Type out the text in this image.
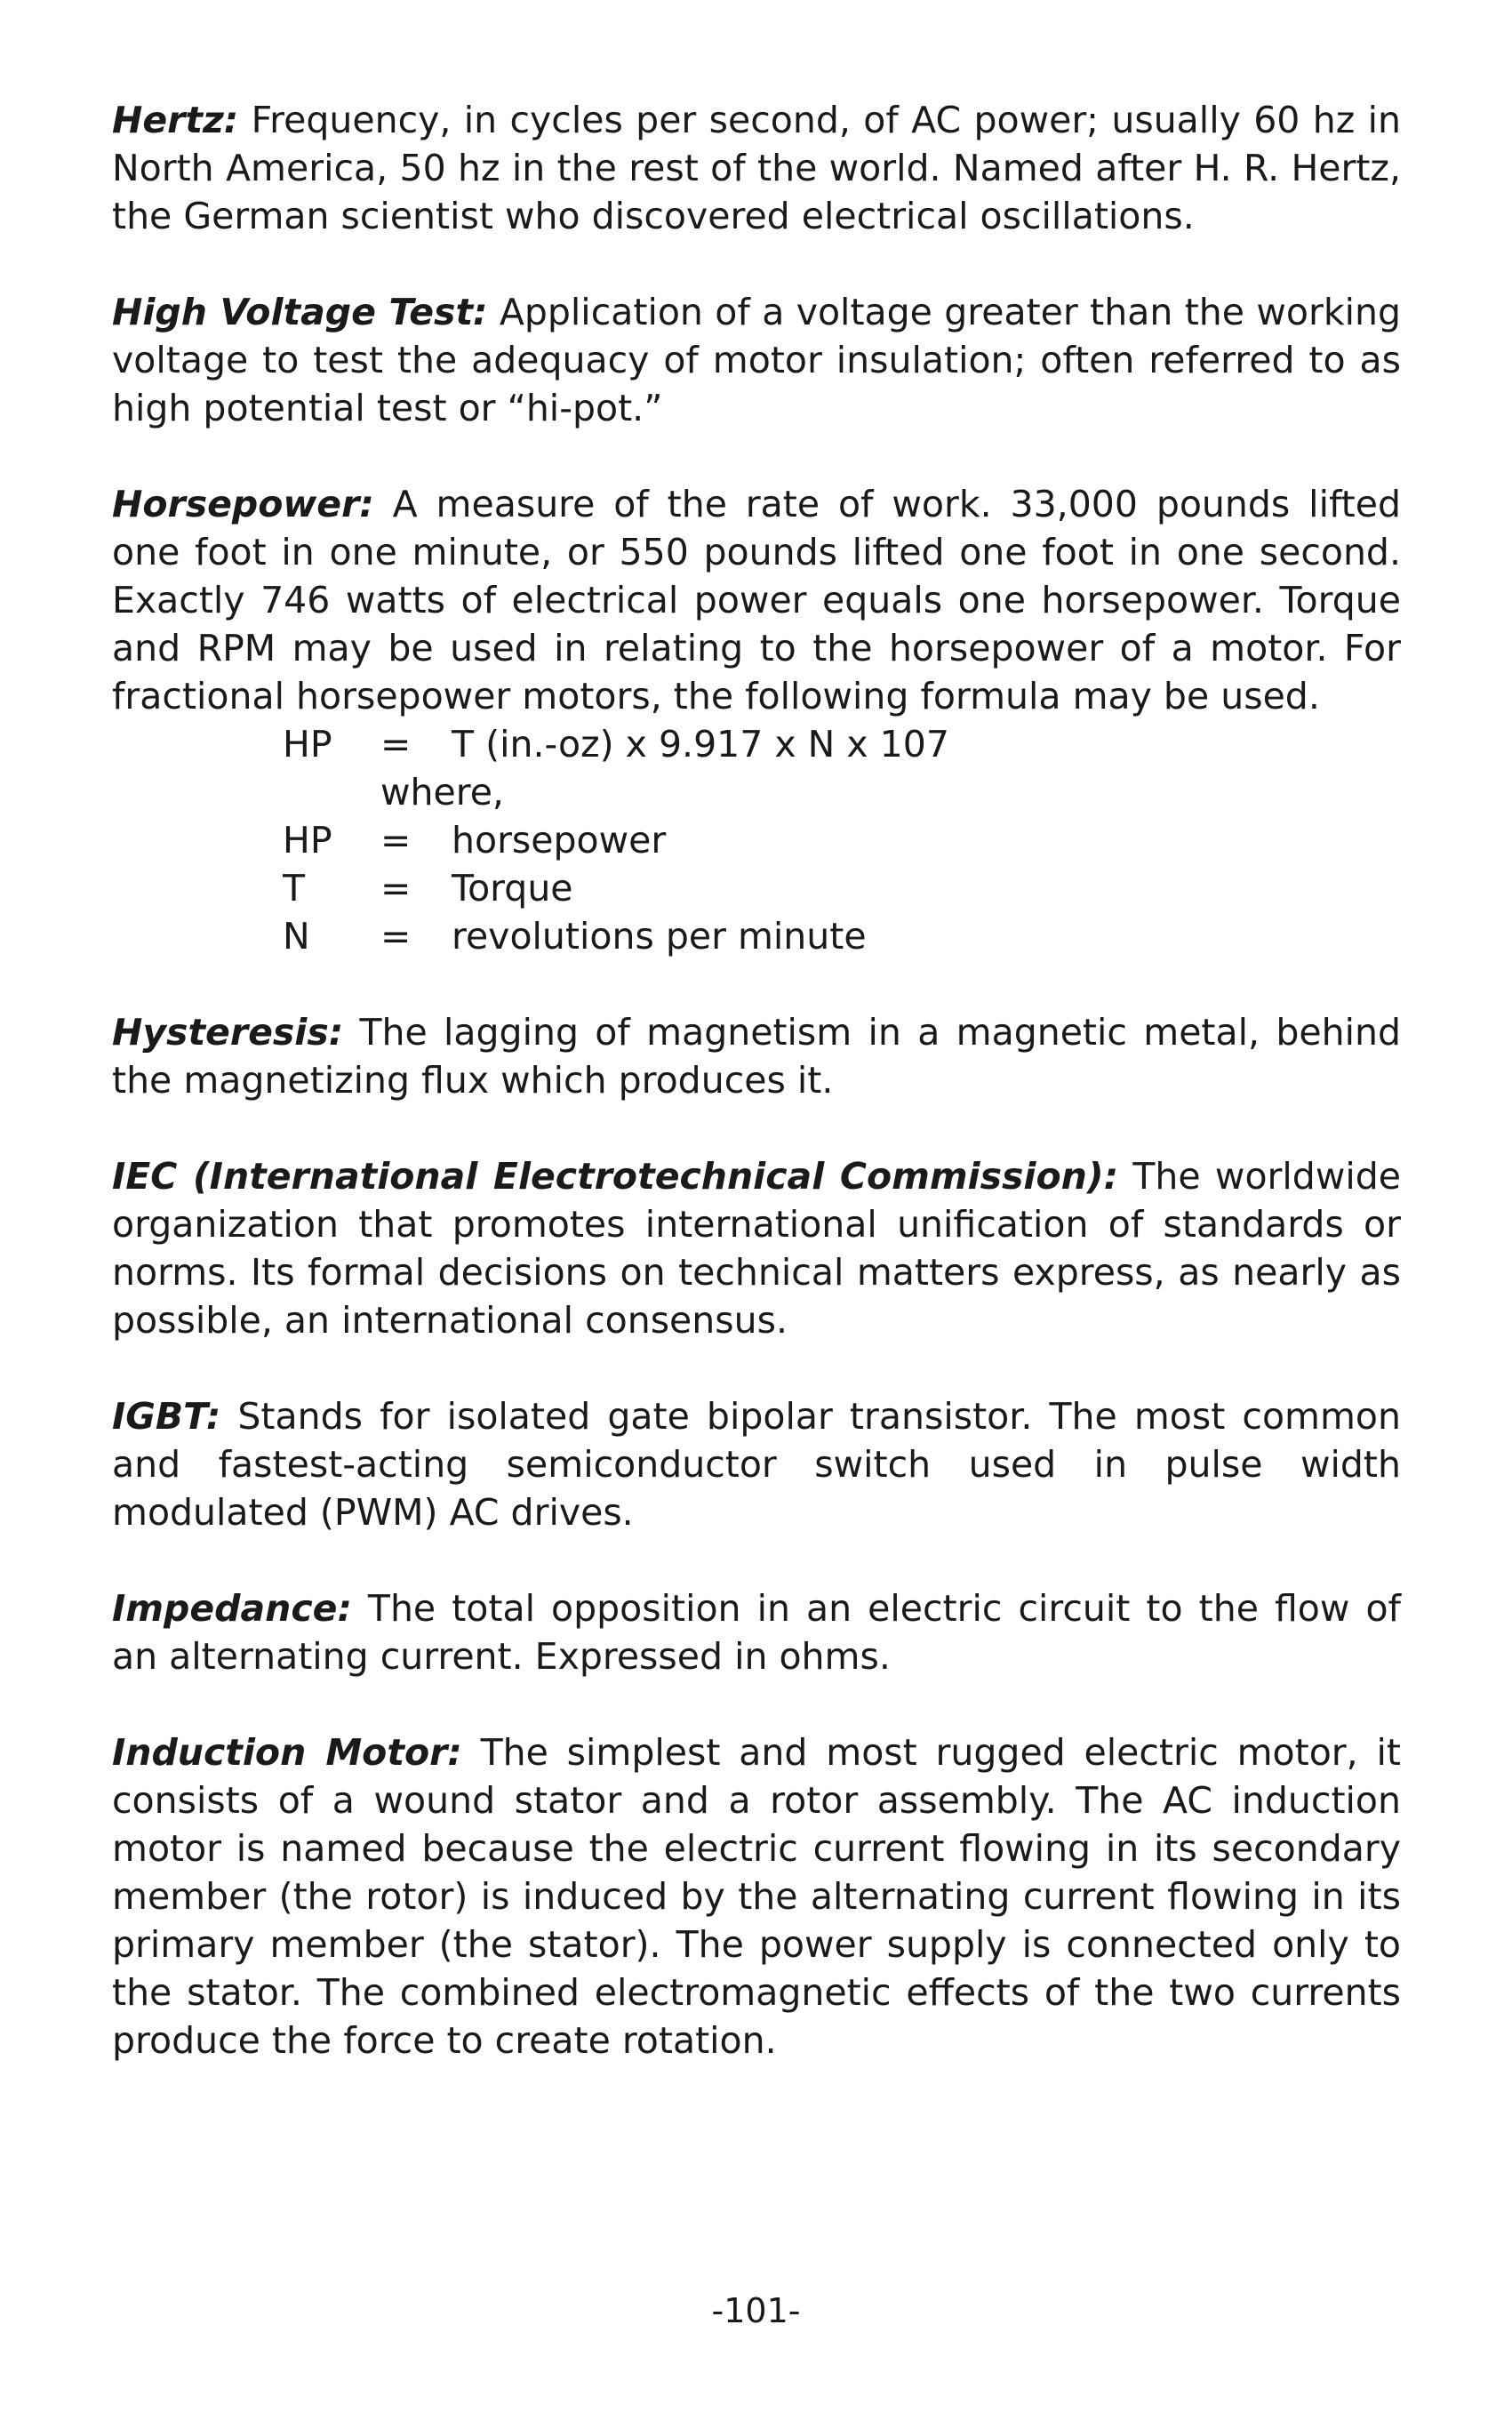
Hertz: Frequency, in cycles per second, of AC power; usually 60 hz in North America, 50 hz in the rest of the world. Named after H. R. Hertz, the German scientist who discovered electrical oscillations.

High Voltage Test: Application of a voltage greater than the working voltage to test the adequacy of motor insulation; often referred to as high potential test or “hi-pot.”

Horsepower: A measure of the rate of work. 33,000 pounds lifted one foot in one minute, or 550 pounds lifted one foot in one second. Exactly 746 watts of electrical power equals one horsepower. Torque and RPM may be used in relating to the horsepower of a motor. For fractional horsepower motors, the following formula may be used.

HP	=	T (in.-oz) x 9.917 x N x 107
where,
HP	=	horsepower
T	=	Torque
N	=	revolutions per minute

Hysteresis: The lagging of magnetism in a magnetic metal, behind the magnetizing flux which produces it.

IEC (International Electrotechnical Commission): The worldwide organization that promotes international unification of standards or norms. Its formal decisions on technical matters express, as nearly as possible, an international consensus.

IGBT: Stands for isolated gate bipolar transistor. The most common and fastest-acting semiconductor switch used in pulse width modulated (PWM) AC drives.

Impedance: The total opposition in an electric circuit to the flow of an alternating current. Expressed in ohms.

Induction Motor: The simplest and most rugged electric motor, it consists of a wound stator and a rotor assembly. The AC induction motor is named because the electric current flowing in its secondary member (the rotor) is induced by the alternating current flowing in its primary member (the stator). The power supply is connected only to the stator. The combined electromagnetic effects of the two currents produce the force to create rotation.

-101-
